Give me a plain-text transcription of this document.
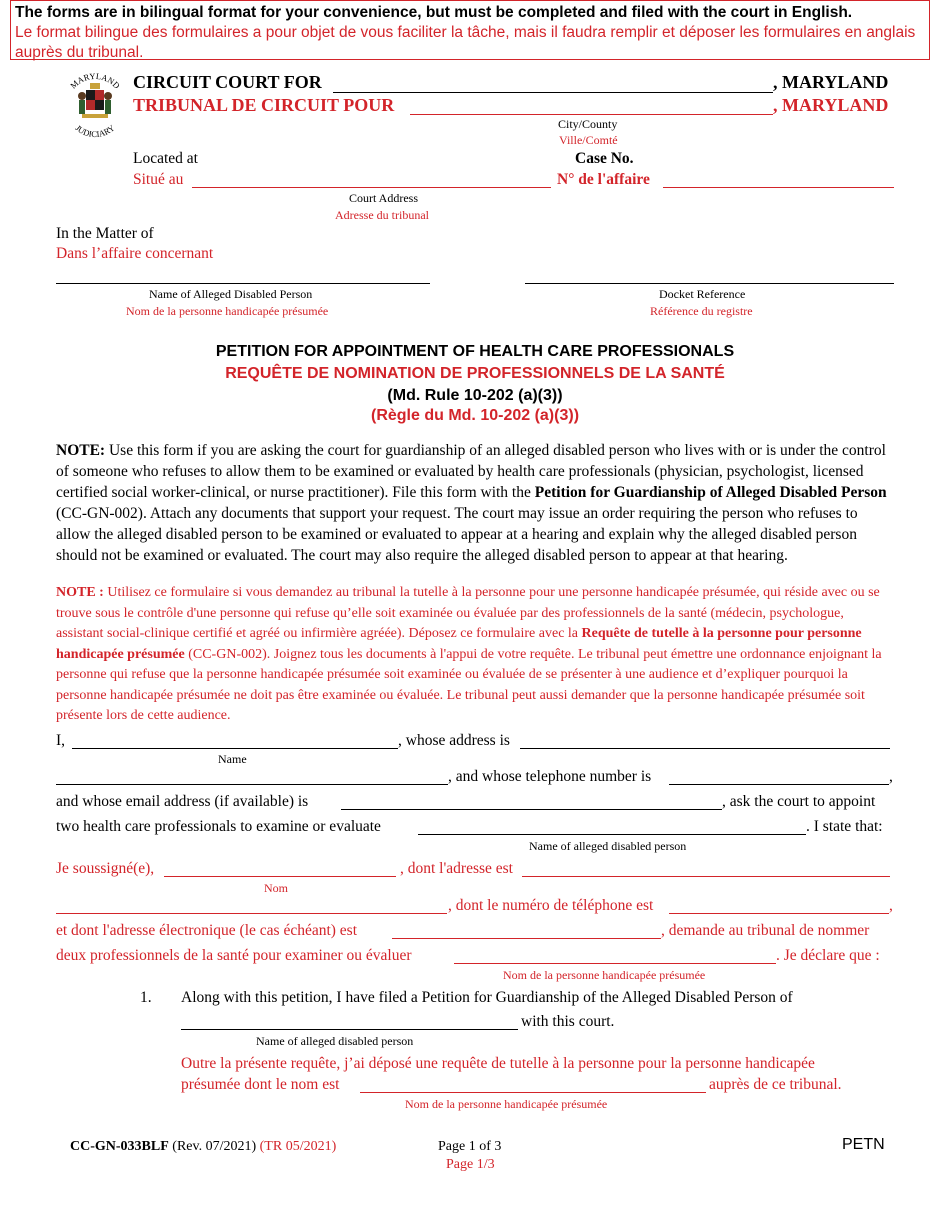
The forms are in bilingual format for your convenience, but must be completed and filed with the court in English.
Le format bilingue des formulaires a pour objet de vous faciliter la tâche, mais il faudra remplir et déposer les formulaires en anglais auprès du tribunal.
MARYLAND
JUDICIARY
CIRCUIT COURT FOR	, MARYLAND
TRIBUNAL DE CIRCUIT POUR	, MARYLAND
City/County
Ville/Comté
Located at
Situé au
Case No.
N° de l'affaire
Court Address
Adresse du tribunal
In the Matter of
Dans l’affaire concernant
Name of Alleged Disabled Person
Nom de la personne handicapée présumée
Docket Reference
Référence du registre
PETITION FOR APPOINTMENT OF HEALTH CARE PROFESSIONALS
REQUÊTE DE NOMINATION DE PROFESSIONNELS DE LA SANTÉ
(Md. Rule 10-202 (a)(3))
(Règle du Md. 10-202 (a)(3))
NOTE: Use this form if you are asking the court for guardianship of an alleged disabled person who lives with or is under the control of someone who refuses to allow them to be examined or evaluated by health care professionals (physician, psychologist, licensed certified social worker-clinical, or nurse practitioner). File this form with the Petition for Guardianship of Alleged Disabled Person (CC-GN-002). Attach any documents that support your request. The court may issue an order requiring the person who refuses to allow the alleged disabled person to be examined or evaluated to appear at a hearing and explain why the alleged disabled person should not be examined or evaluated. The court may also require the alleged disabled person to appear at that hearing.
NOTE : Utilisez ce formulaire si vous demandez au tribunal la tutelle à la personne pour une personne handicapée présumée, qui réside avec ou se trouve sous le contrôle d'une personne qui refuse qu’elle soit examinée ou évaluée par des professionnels de la santé (médecin, psychologue, assistant social-clinique certifié et agréé ou infirmière agréée). Déposez ce formulaire avec la Requête de tutelle à la personne pour personne handicapée présumée (CC-GN-002). Joignez tous les documents à l'appui de votre requête. Le tribunal peut émettre une ordonnance enjoignant la personne qui refuse que la personne handicapée présumée soit examinée ou évaluée de se présenter à une audience et d’expliquer pourquoi la personne handicapée présumée ne doit pas être examinée ou évaluée. Le tribunal peut aussi demander que la personne handicapée présumée soit présente lors de cette audience.
I,	, whose address is
Name
, and whose telephone number is	,
and whose email address (if available) is	, ask the court to appoint
two health care professionals to examine or evaluate	. I state that:
Name of alleged disabled person
Je soussigné(e),	, dont l'adresse est
Nom
, dont le numéro de téléphone est	,
et dont l'adresse électronique (le cas échéant) est	, demande au tribunal de nommer
deux professionnels de la santé pour examiner ou évaluer	. Je déclare que :
Nom de la personne handicapée présumée
1. Along with this petition, I have filed a Petition for Guardianship of the Alleged Disabled Person of
with this court.
Name of alleged disabled person
Outre la présente requête, j’ai déposé une requête de tutelle à la personne pour la personne handicapée
présumée dont le nom est	auprès de ce tribunal.
Nom de la personne handicapée présumée
CC-GN-033BLF (Rev. 07/2021) (TR 05/2021)	Page 1 of 3
Page 1/3
PETN
